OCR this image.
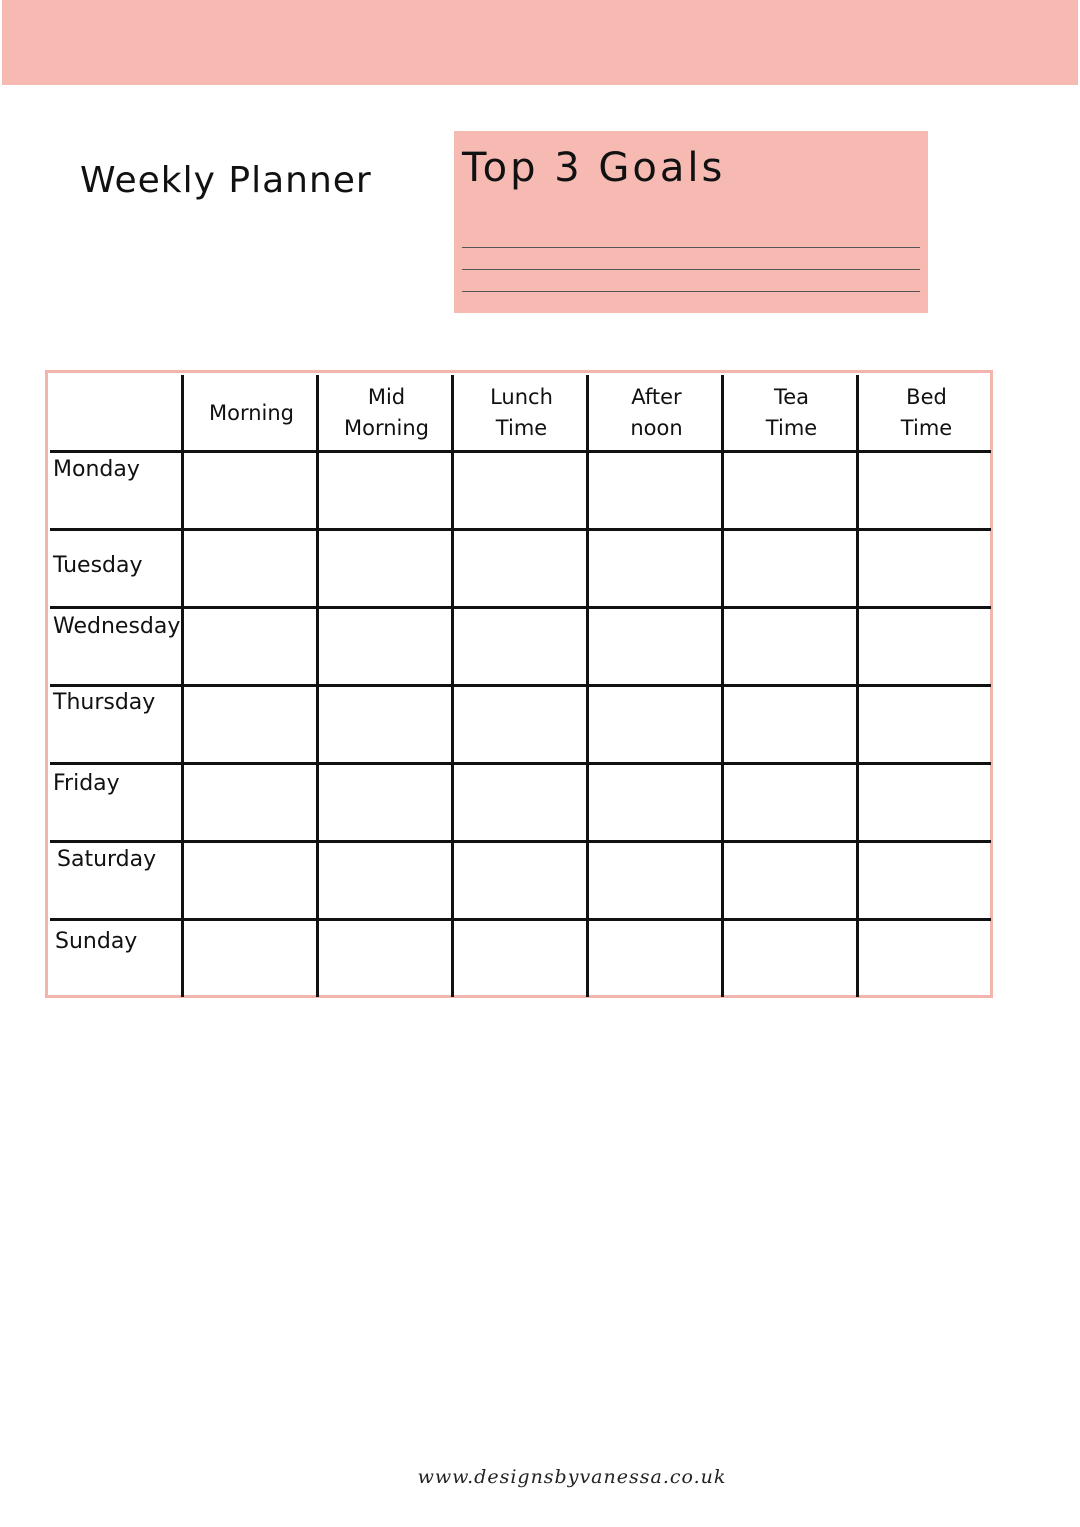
Weekly Planner Top 3 Goals
Morning
Mid
Morning
Lunch
Time
After
noon
Tea
Time
Bed
Time
Monday
Tuesday
Wednesday
Thursday
Friday
Saturday
Sunday
www.designsbyvanessa.co.uk
